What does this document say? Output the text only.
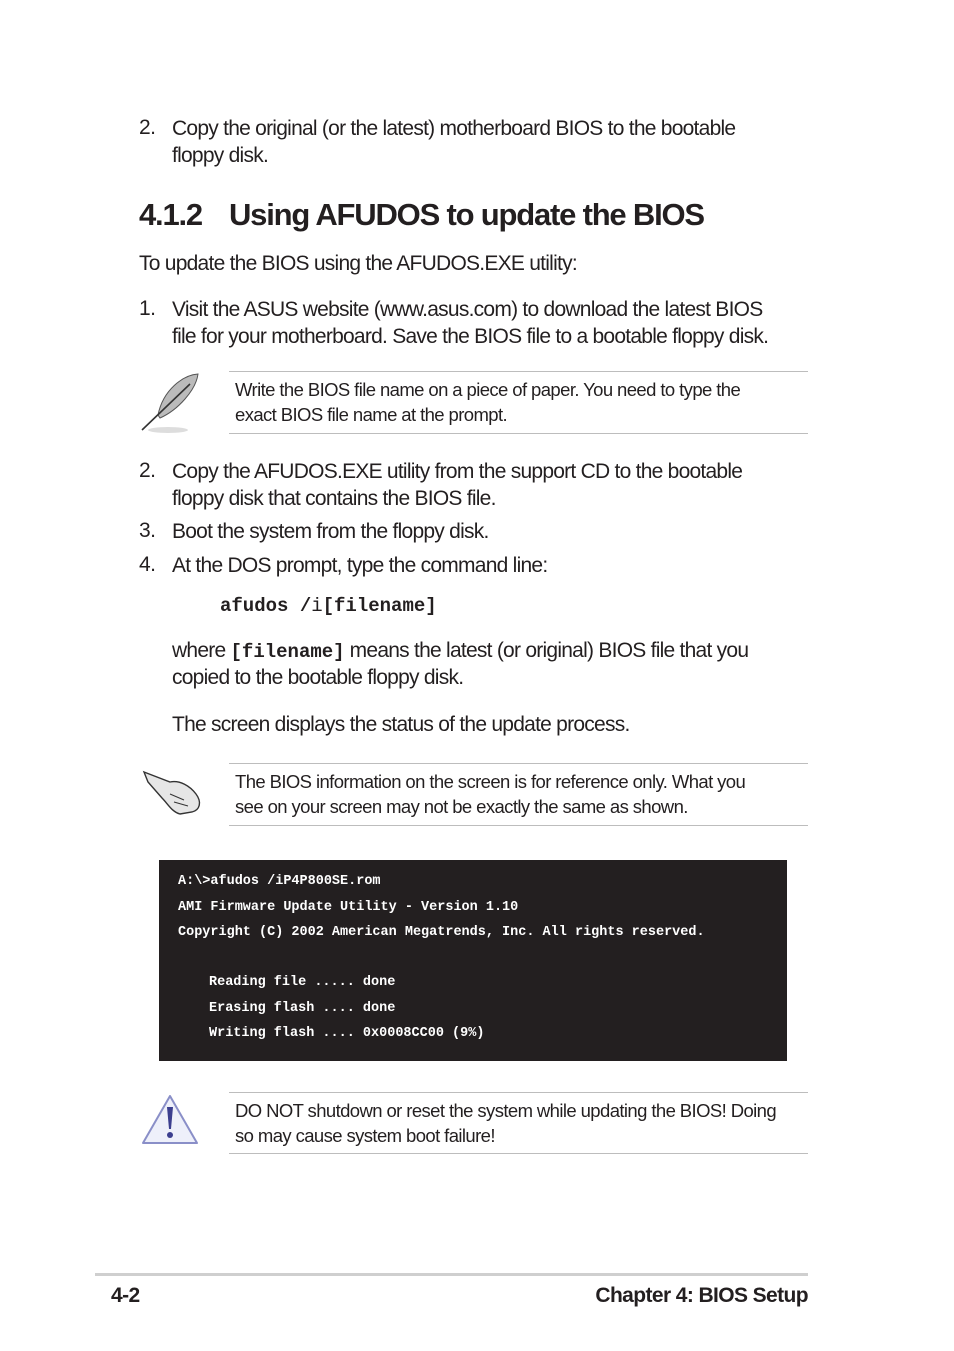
2. Copy the original (or the latest) motherboard BIOS to the bootable
floppy disk.
4.1.2 Using AFUDOS to update the BIOS
To update the BIOS using the AFUDOS.EXE utility:
1. Visit the ASUS website (www.asus.com) to download the latest BIOS
file for your motherboard. Save the BIOS file to a bootable floppy disk.
Write the BIOS file name on a piece of paper. You need to type the
exact BIOS file name at the prompt.
2. Copy the AFUDOS.EXE utility from the support CD to the bootable
floppy disk that contains the BIOS file.
3. Boot the system from the floppy disk.
4. At the DOS prompt, type the command line:
afudos /i[filename]
where [filename] means the latest (or original) BIOS file that you
copied to the bootable floppy disk.
The screen displays the status of the update process.
The BIOS information on the screen is for reference only. What you
see on your screen may not be exactly the same as shown.
A:\>afudos /iP4P800SE.rom
AMI Firmware Update Utility - Version 1.10
Copyright (C) 2002 American Megatrends, Inc. All rights reserved.
Reading file ..... done
Erasing flash .... done
Writing flash .... 0x0008CC00 (9%)
DO NOT shutdown or reset the system while updating the BIOS! Doing
so may cause system boot failure!
4-2	Chapter 4: BIOS Setup
